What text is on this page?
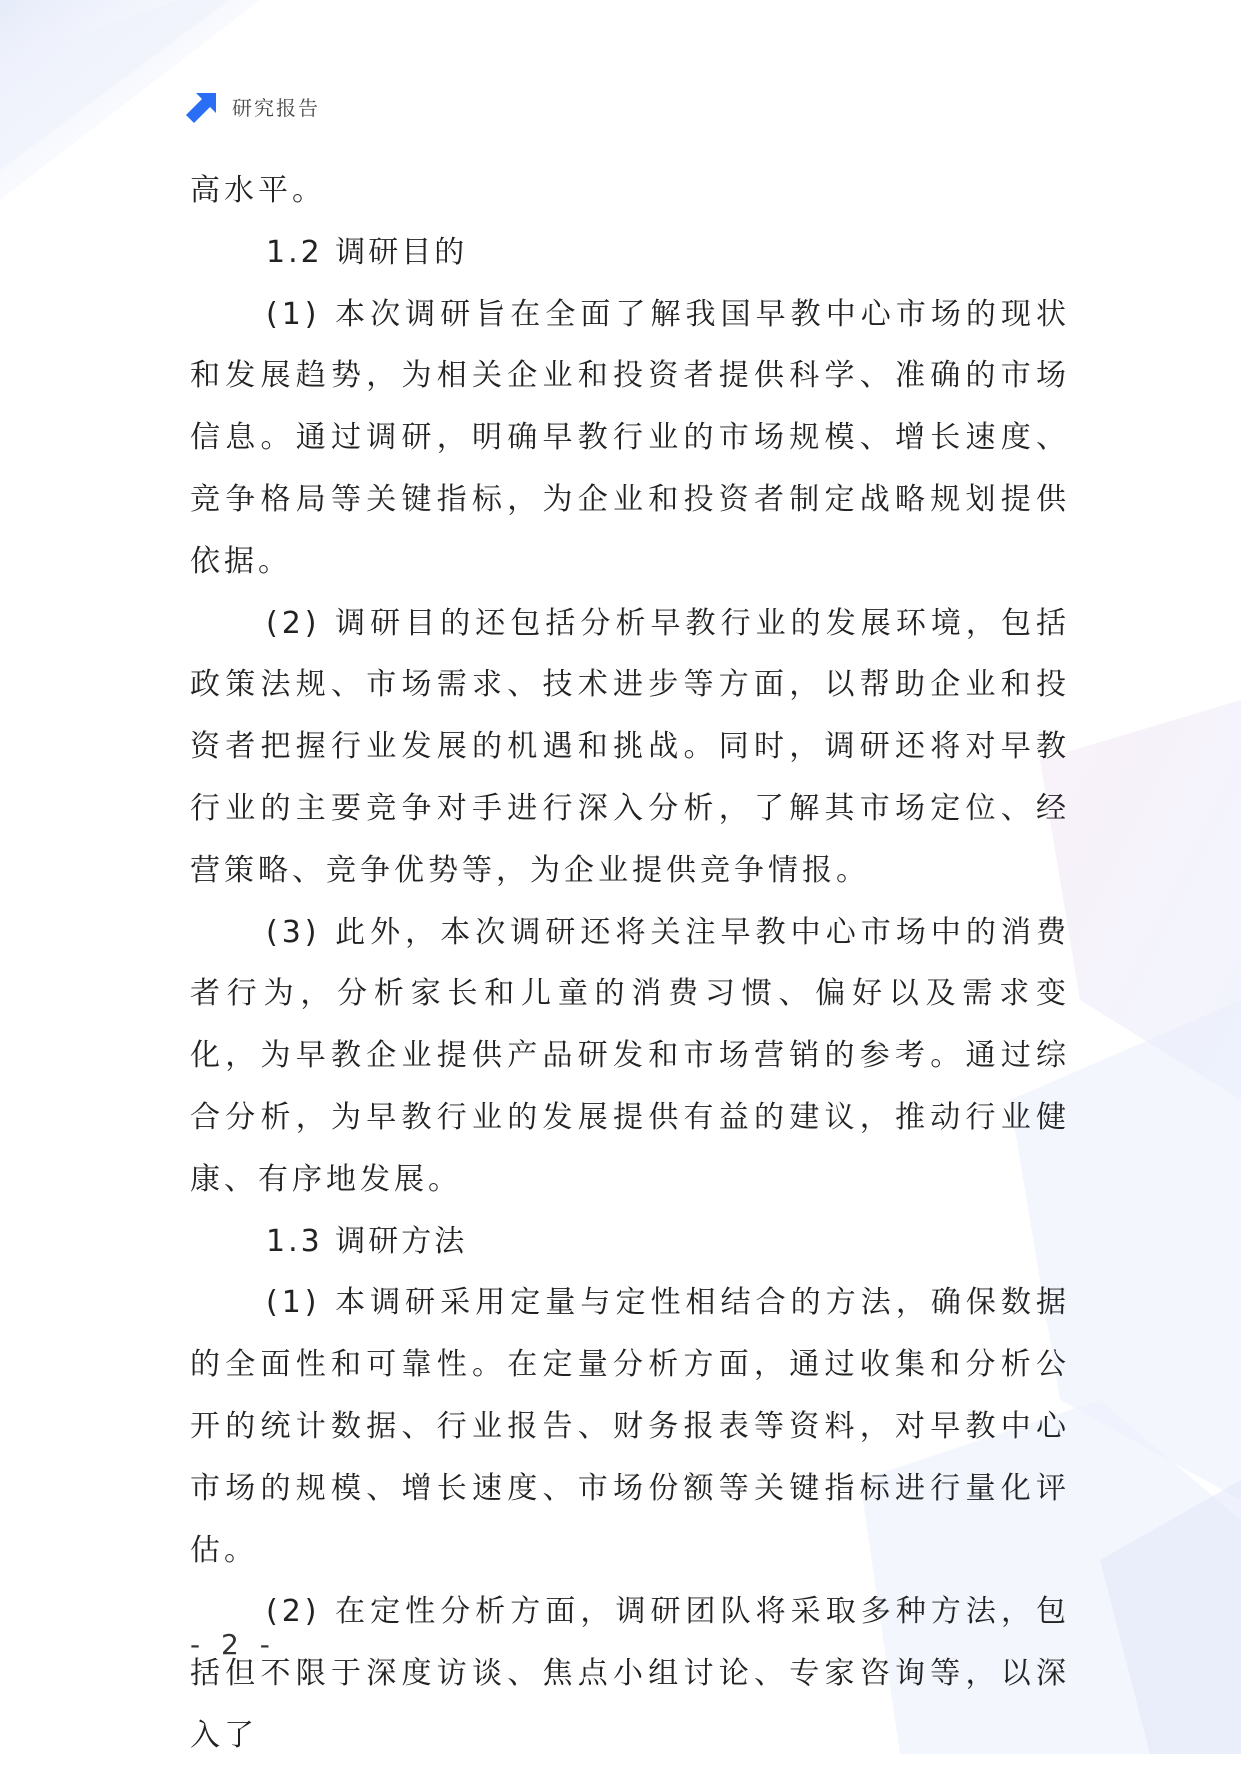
研究报告

高水平。

1.2 调研目的

(1) 本次调研旨在全面了解我国早教中心市场的现状和发展趋势，为相关企业和投资者提供科学、准确的市场信息。通过调研，明确早教行业的市场规模、增长速度、竞争格局等关键指标，为企业和投资者制定战略规划提供依据。

(2) 调研目的还包括分析早教行业的发展环境，包括政策法规、市场需求、技术进步等方面，以帮助企业和投资者把握行业发展的机遇和挑战。同时，调研还将对早教行业的主要竞争对手进行深入分析，了解其市场定位、经营策略、竞争优势等，为企业提供竞争情报。

(3) 此外，本次调研还将关注早教中心市场中的消费者行为，分析家长和儿童的消费习惯、偏好以及需求变化，为早教企业提供产品研发和市场营销的参考。通过综合分析，为早教行业的发展提供有益的建议，推动行业健康、有序地发展。

1.3 调研方法

(1) 本调研采用定量与定性相结合的方法，确保数据的全面性和可靠性。在定量分析方面，通过收集和分析公开的统计数据、行业报告、财务报表等资料，对早教中心市场的规模、增长速度、市场份额等关键指标进行量化评估。

(2) 在定性分析方面，调研团队将采取多种方法，包括但不限于深度访谈、焦点小组讨论、专家咨询等，以深入了

- 2 -
